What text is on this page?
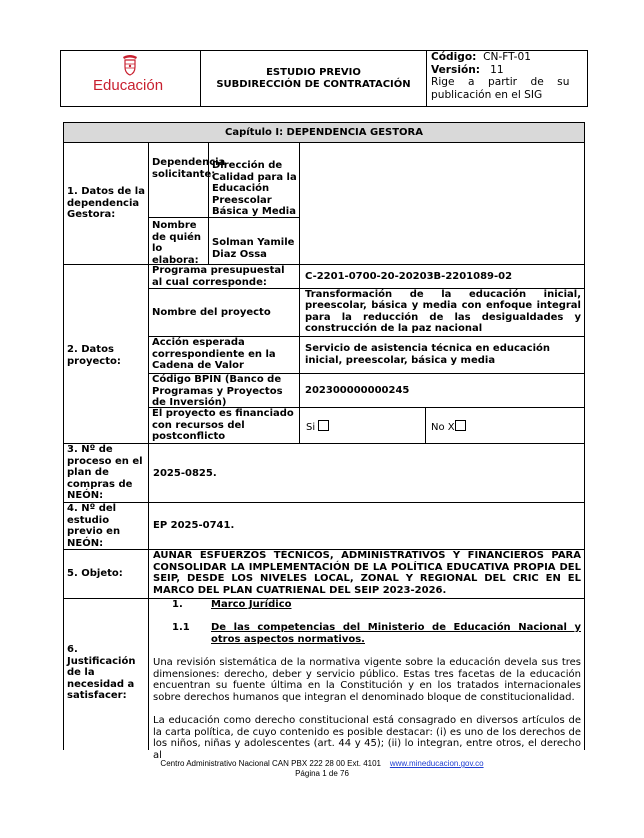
Educación
ESTUDIO PREVIO
SUBDIRECCIÓN DE CONTRATACIÓN
Código: CN-FT-01
Versión: 11
Rige    a    partir    de    su
publicación en el SIG
Capítulo I: DEPENDENCIA GESTORA
1. Datos de la dependencia Gestora:
Dependencia solicitante:
Dirección de Calidad para la Educación Preescolar Básica y Media
Nombre de quién lo elabora:
Solman Yamile Diaz Ossa
2. Datos proyecto:
Programa presupuestal al cual corresponde:
C-2201-0700-20-20203B-2201089-02
Nombre del proyecto
Transformación de la educación inicial, preescolar, básica y media con enfoque integral para la reducción de las desigualdades y construcción de la paz nacional
Acción esperada correspondiente en la Cadena de Valor
Servicio de asistencia técnica en educación inicial, preescolar, básica y media
Código BPIN (Banco de Programas y Proyectos de Inversión)
202300000000245
El proyecto es financiado con recursos del postconflicto
Si	No X
3. Nº de proceso en el plan de compras de NEÓN:
2025-0825.
4. Nº del estudio previo en NEÓN:
EP 2025-0741.
5. Objeto:
AUNAR ESFUERZOS TÉCNICOS, ADMINISTRATIVOS Y FINANCIEROS PARA CONSOLIDAR LA IMPLEMENTACIÓN DE LA POLÍTICA EDUCATIVA PROPIA DEL SEIP, DESDE LOS NIVELES LOCAL, ZONAL Y REGIONAL DEL CRIC EN EL MARCO DEL PLAN CUATRIENAL DEL SEIP 2023-2026.
6. Justificación de la necesidad a satisfacer:
1.	Marco Jurídico
1.1 De las competencias del Ministerio de Educación Nacional y otros aspectos normativos.
Una revisión sistemática de la normativa vigente sobre la educación devela sus tres dimensiones: derecho, deber y servicio público. Estas tres facetas de la educación encuentran su fuente última en la Constitución y en los tratados internacionales sobre derechos humanos que integran el denominado bloque de constitucionalidad.
La educación como derecho constitucional está consagrado en diversos artículos de la carta política, de cuyo contenido es posible destacar: (i) es uno de los derechos de los niños, niñas y adolescentes (art. 44 y 45); (ii) lo integran, entre otros, el derecho al
Centro Administrativo Nacional CAN PBX 222 28 00 Ext. 4101 www.mineducacion.gov.co
Página 1 de 76
